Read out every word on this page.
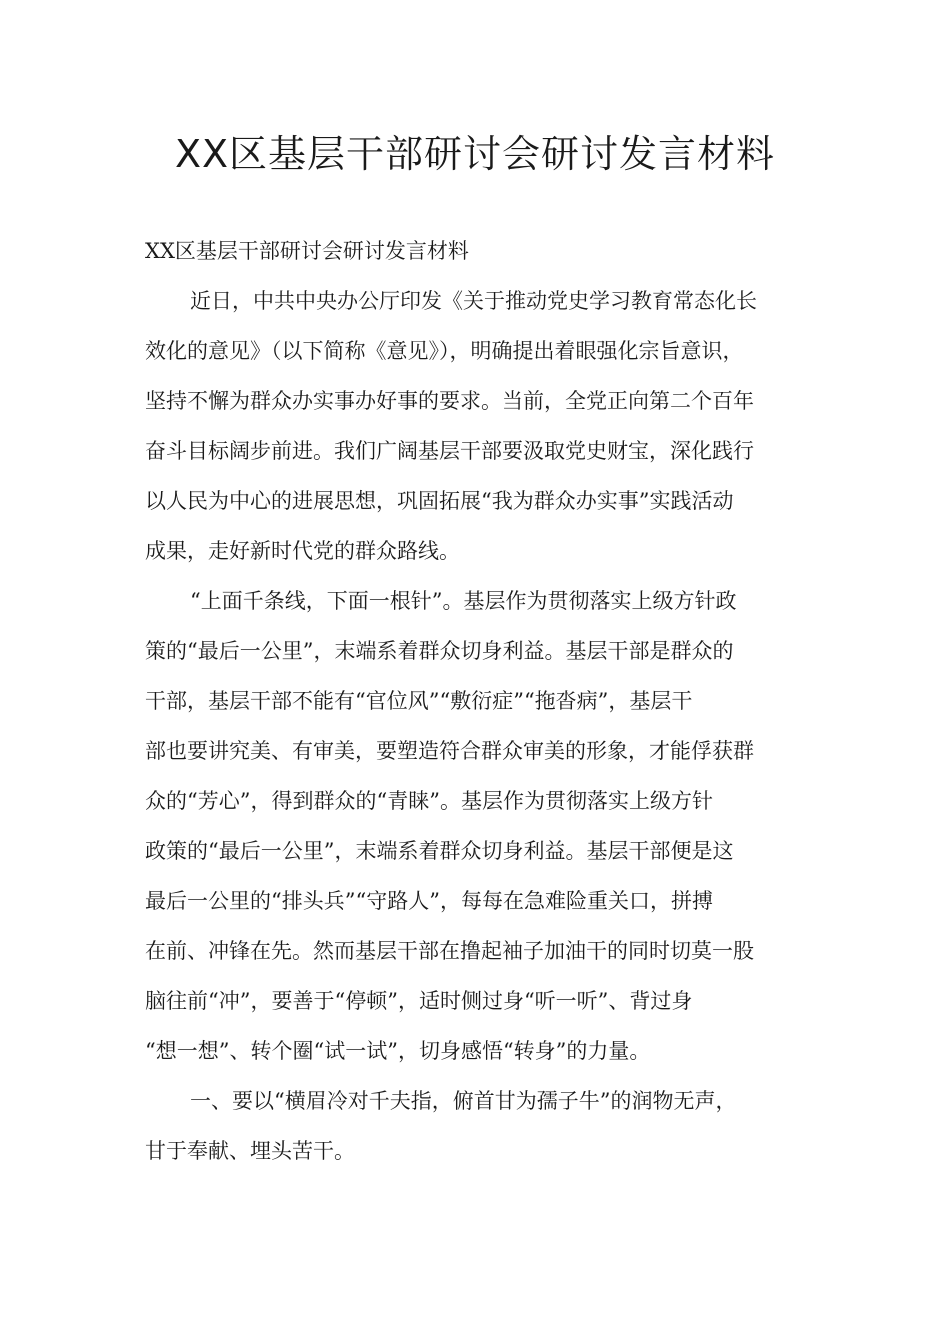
XX区基层干部研讨会研讨发言材料
XX区基层干部研讨会研讨发言材料
近日，中共中央办公厅印发《关于推动党史学习教育常态化长
效化的意见》（以下简称《意见》），明确提出着眼强化宗旨意识，
坚持不懈为群众办实事办好事的要求。当前，全党正向第二个百年
奋斗目标阔步前进。我们广阔基层干部要汲取党史财宝，深化践行
以人民为中心的进展思想，巩固拓展“我为群众办实事”实践活动
成果，走好新时代党的群众路线。
“上面千条线，下面一根针”。基层作为贯彻落实上级方针政
策的“最后一公里”，末端系着群众切身利益。基层干部是群众的
干部，基层干部不能有“官位风”“敷衍症”“拖沓病”，基层干
部也要讲究美、有审美，要塑造符合群众审美的形象，才能俘获群
众的“芳心”，得到群众的“青睐”。基层作为贯彻落实上级方针
政策的“最后一公里”，末端系着群众切身利益。基层干部便是这
最后一公里的“排头兵”“守路人”，每每在急难险重关口，拼搏
在前、冲锋在先。然而基层干部在撸起袖子加油干的同时切莫一股
脑往前“冲”，要善于“停顿”，适时侧过身“听一听”、背过身
“想一想”、转个圈“试一试”，切身感悟“转身”的力量。
一、要以“横眉冷对千夫指，俯首甘为孺子牛”的润物无声，
甘于奉献、埋头苦干。
